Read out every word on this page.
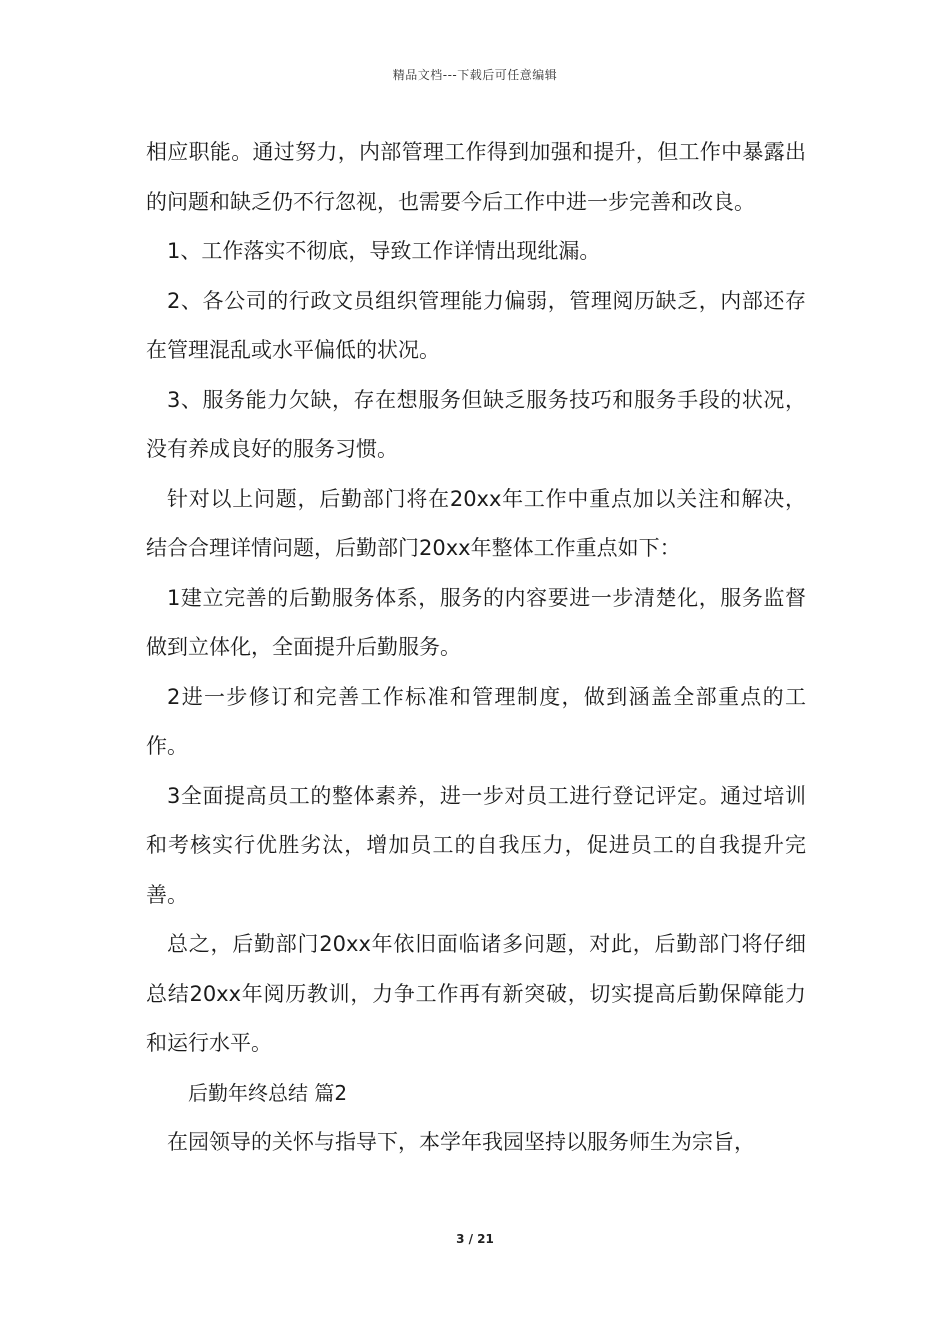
精品文档---下载后可任意编辑

相应职能。通过努力，内部管理工作得到加强和提升，但工作中暴露出的问题和缺乏仍不行忽视，也需要今后工作中进一步完善和改良。

1、工作落实不彻底，导致工作详情出现纰漏。

2、各公司的行政文员组织管理能力偏弱，管理阅历缺乏，内部还存在管理混乱或水平偏低的状况。

3、服务能力欠缺，存在想服务但缺乏服务技巧和服务手段的状况，没有养成良好的服务习惯。

针对以上问题，后勤部门将在20xx年工作中重点加以关注和解决，结合合理详情问题，后勤部门20xx年整体工作重点如下：

1建立完善的后勤服务体系，服务的内容要进一步清楚化，服务监督做到立体化，全面提升后勤服务。

2进一步修订和完善工作标准和管理制度，做到涵盖全部重点的工作。

3全面提高员工的整体素养，进一步对员工进行登记评定。通过培训和考核实行优胜劣汰，增加员工的自我压力，促进员工的自我提升完善。

总之，后勤部门20xx年依旧面临诸多问题，对此，后勤部门将仔细总结20xx年阅历教训，力争工作再有新突破，切实提高后勤保障能力和运行水平。

后勤年终总结 篇2

在园领导的关怀与指导下，本学年我园坚持以服务师生为宗旨，

3 / 21
